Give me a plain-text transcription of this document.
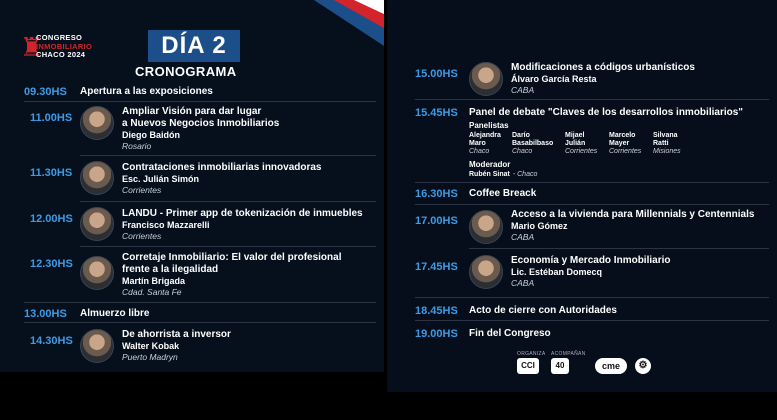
♜
CONGRESO
INMOBILIARIO
CHACO 2024	DÍA 2
CRONOGRAMA
09.30HS	Apertura a las exposiciones
11.00HS
Ampliar Visión para dar lugar
a Nuevos Negocios Inmobiliarios
Diego Baidón
Rosario
11.30HS	Contrataciones inmobiliarias innovadoras
Esc. Julián Simón
Corrientes
12.00HS	LANDU - Primer app de tokenización de inmuebles
Francisco Mazzarelli
Corrientes
12.30HS
Corretaje Inmobiliario: El valor del profesional
frente a la ilegalidad
Martín Brigada
Cdad. Santa Fe
13.00HS	Almuerzo libre
14.30HS
De ahorrista a inversor
Walter Kobak
Puerto Madryn
15.00HS
Modificaciones a códigos urbanísticos
Álvaro García Resta
CABA
15.45HS	Panel de debate "Claves de los desarrollos inmobiliarios"
Panelistas
Alejandra
Maro
Chaco
Darío
Basabilbaso
Chaco
Mijael
Julián
Corrientes
Marcelo
Mayer
Corrientes
Silvana
Ratti
Misiones
Moderador
Rubén Sinat - Chaco
16.30HS	Coffee Breack
17.00HS
Acceso a la vivienda para Millennials y Centennials
Mario Gómez
CABA
17.45HS
Economía y Mercado Inmobiliario
Lic. Estéban Domecq
CABA
18.45HS	Acto de cierre con Autoridades
19.00HS	Fin del Congreso
ORGANIZA ACOMPAÑAN
CCI	40	cme	⚙
